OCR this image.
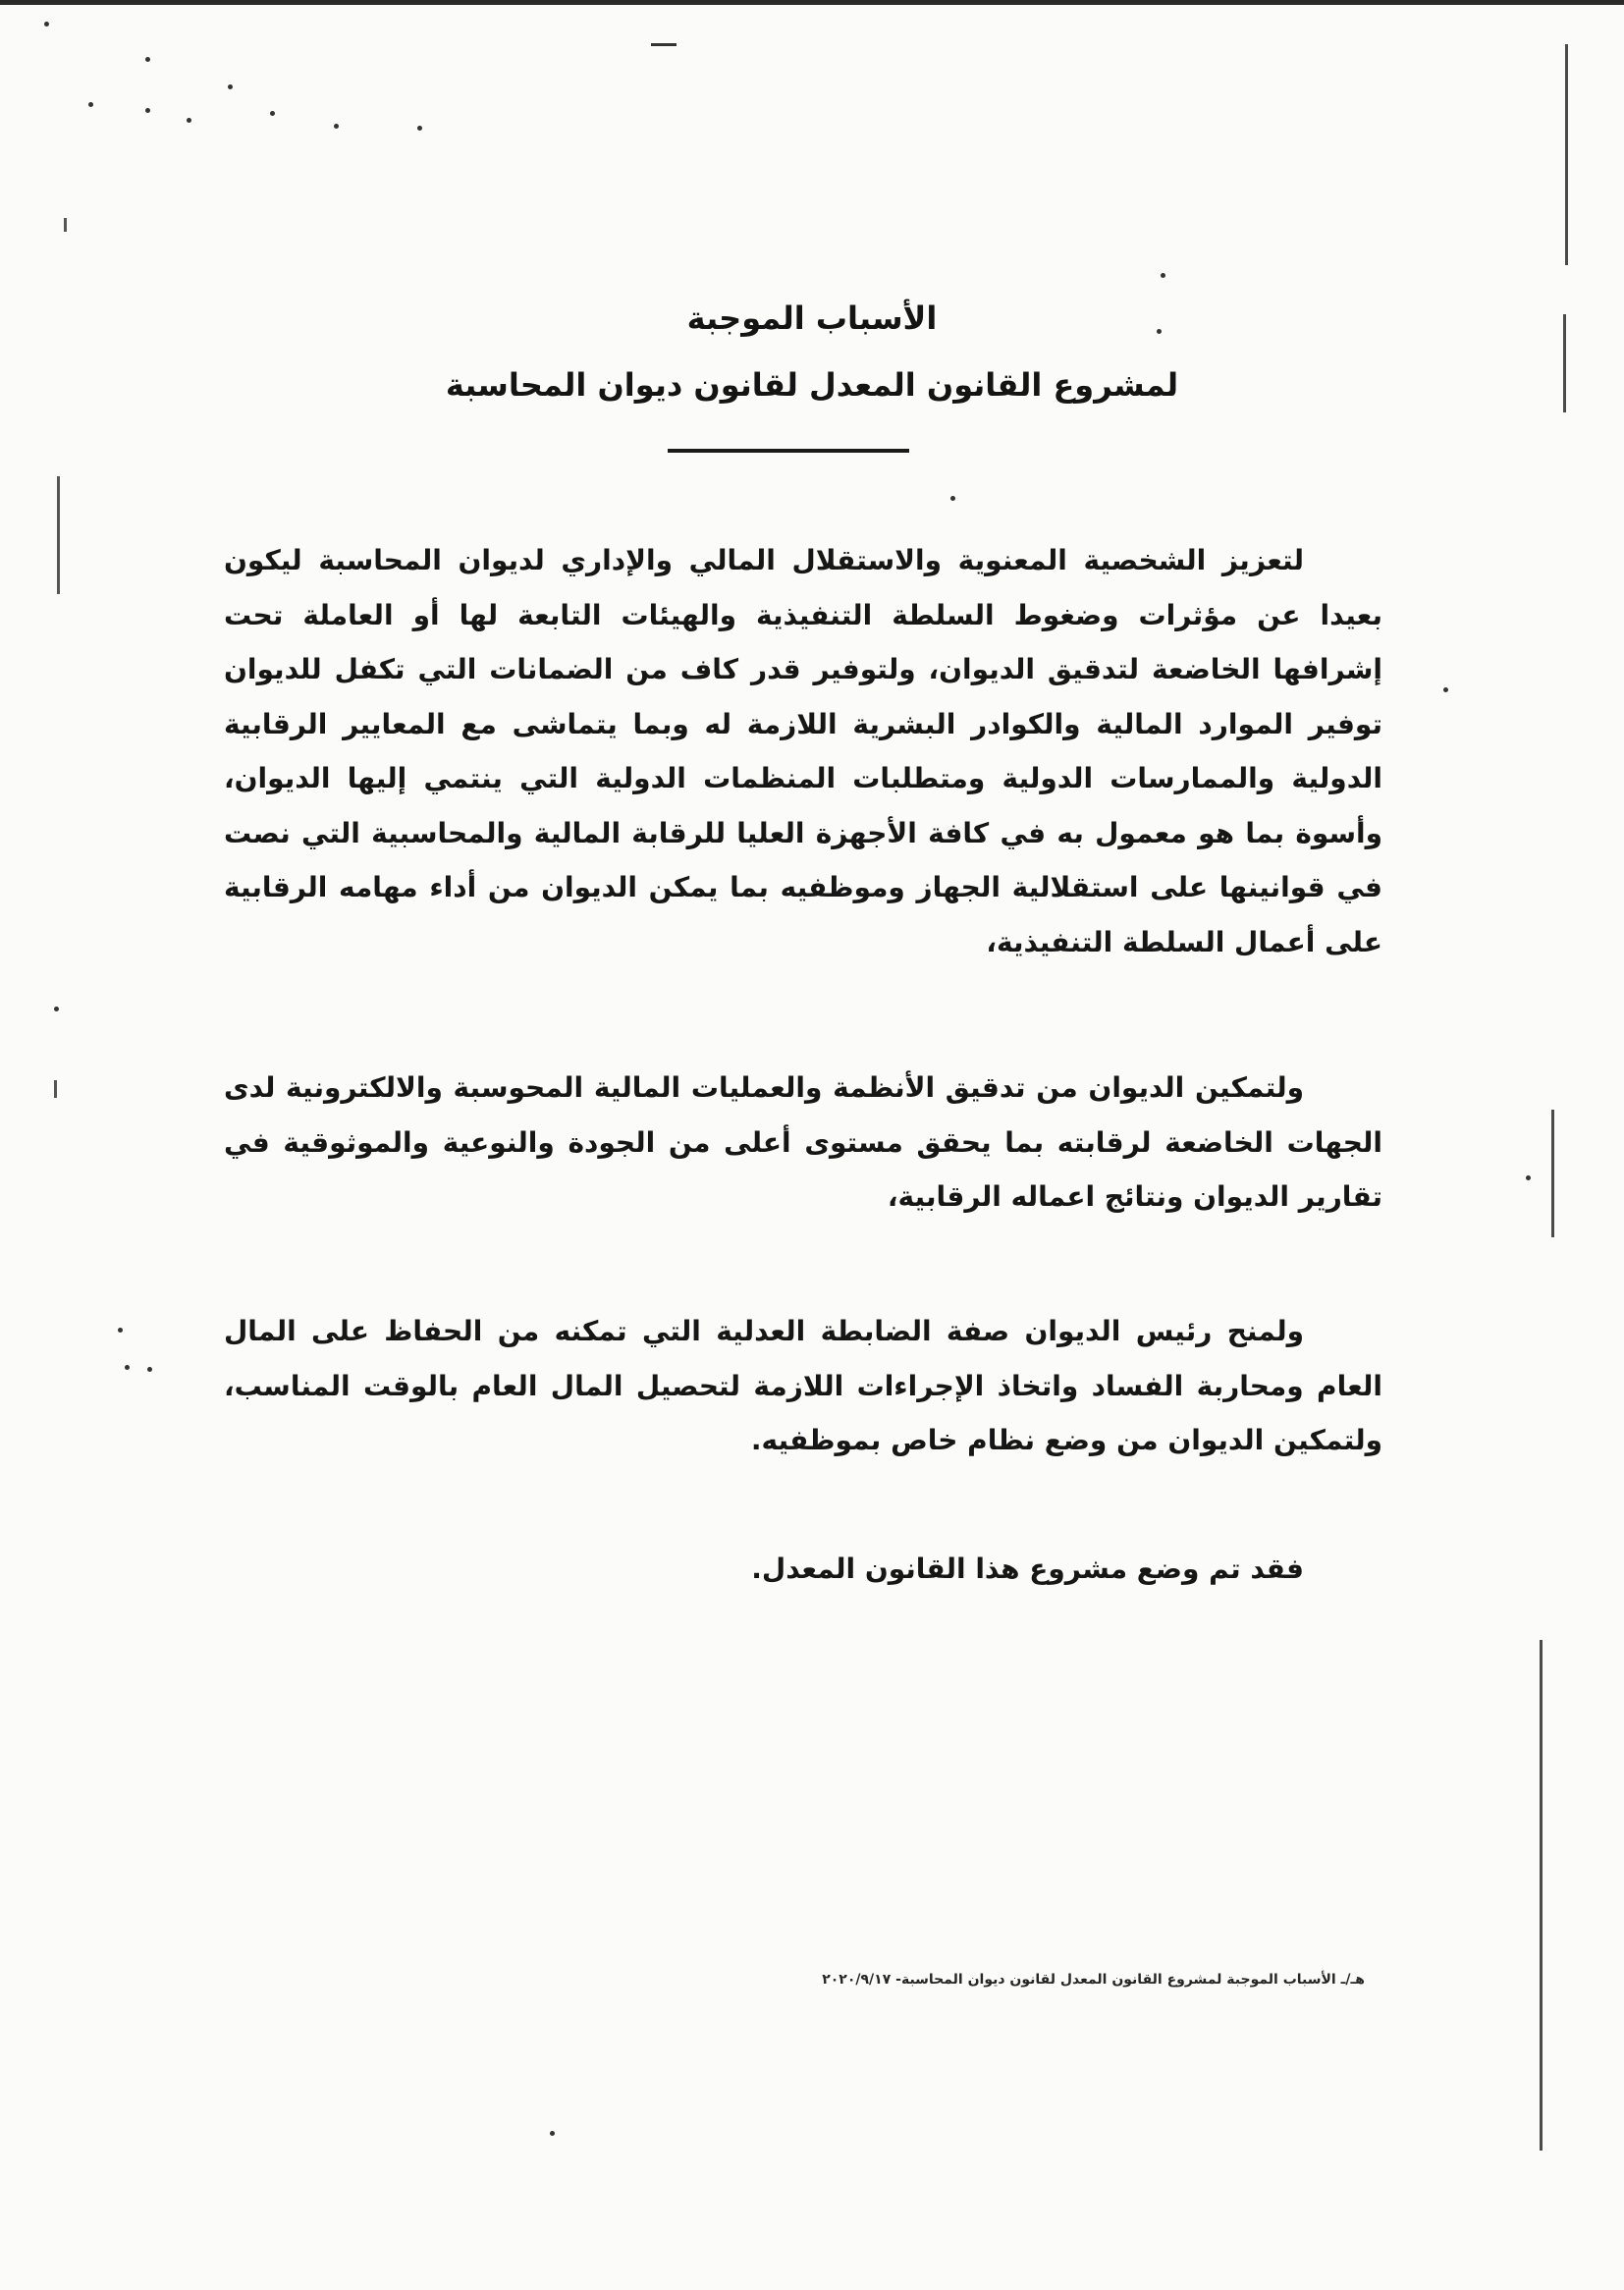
الأسباب الموجبة
لمشروع القانون المعدل لقانون ديوان المحاسبة
لتعزيز الشخصية المعنوية والاستقلال المالي والإداري لديوان المحاسبة ليكون بعيدا عن مؤثرات وضغوط السلطة التنفيذية والهيئات التابعة لها أو العاملة تحت إشرافها الخاضعة لتدقيق الديوان، ولتوفير قدر كاف من الضمانات التي تكفل للديوان توفير الموارد المالية والكوادر البشرية اللازمة له وبما يتماشى مع المعايير الرقابية الدولية والممارسات الدولية ومتطلبات المنظمات الدولية التي ينتمي إليها الديوان، وأسوة بما هو معمول به في كافة الأجهزة العليا للرقابة المالية والمحاسبية التي نصت في قوانينها على استقلالية الجهاز وموظفيه بما يمكن الديوان من أداء مهامه الرقابية على أعمال السلطة التنفيذية،
ولتمكين الديوان من تدقيق الأنظمة والعمليات المالية المحوسبة والالكترونية لدى الجهات الخاضعة لرقابته بما يحقق مستوى أعلى من الجودة والنوعية والموثوقية في تقارير الديوان ونتائج اعماله الرقابية،
ولمنح رئيس الديوان صفة الضابطة العدلية التي تمكنه من الحفاظ على المال العام ومحاربة الفساد واتخاذ الإجراءات اللازمة لتحصيل المال العام بالوقت المناسب، ولتمكين الديوان من وضع نظام خاص بموظفيه.
فقد تم وضع مشروع هذا القانون المعدل.
هـ/ـ الأسباب الموجبة لمشروع القانون المعدل لقانون ديوان المحاسبة- ٢٠٢٠/٩/١٧
